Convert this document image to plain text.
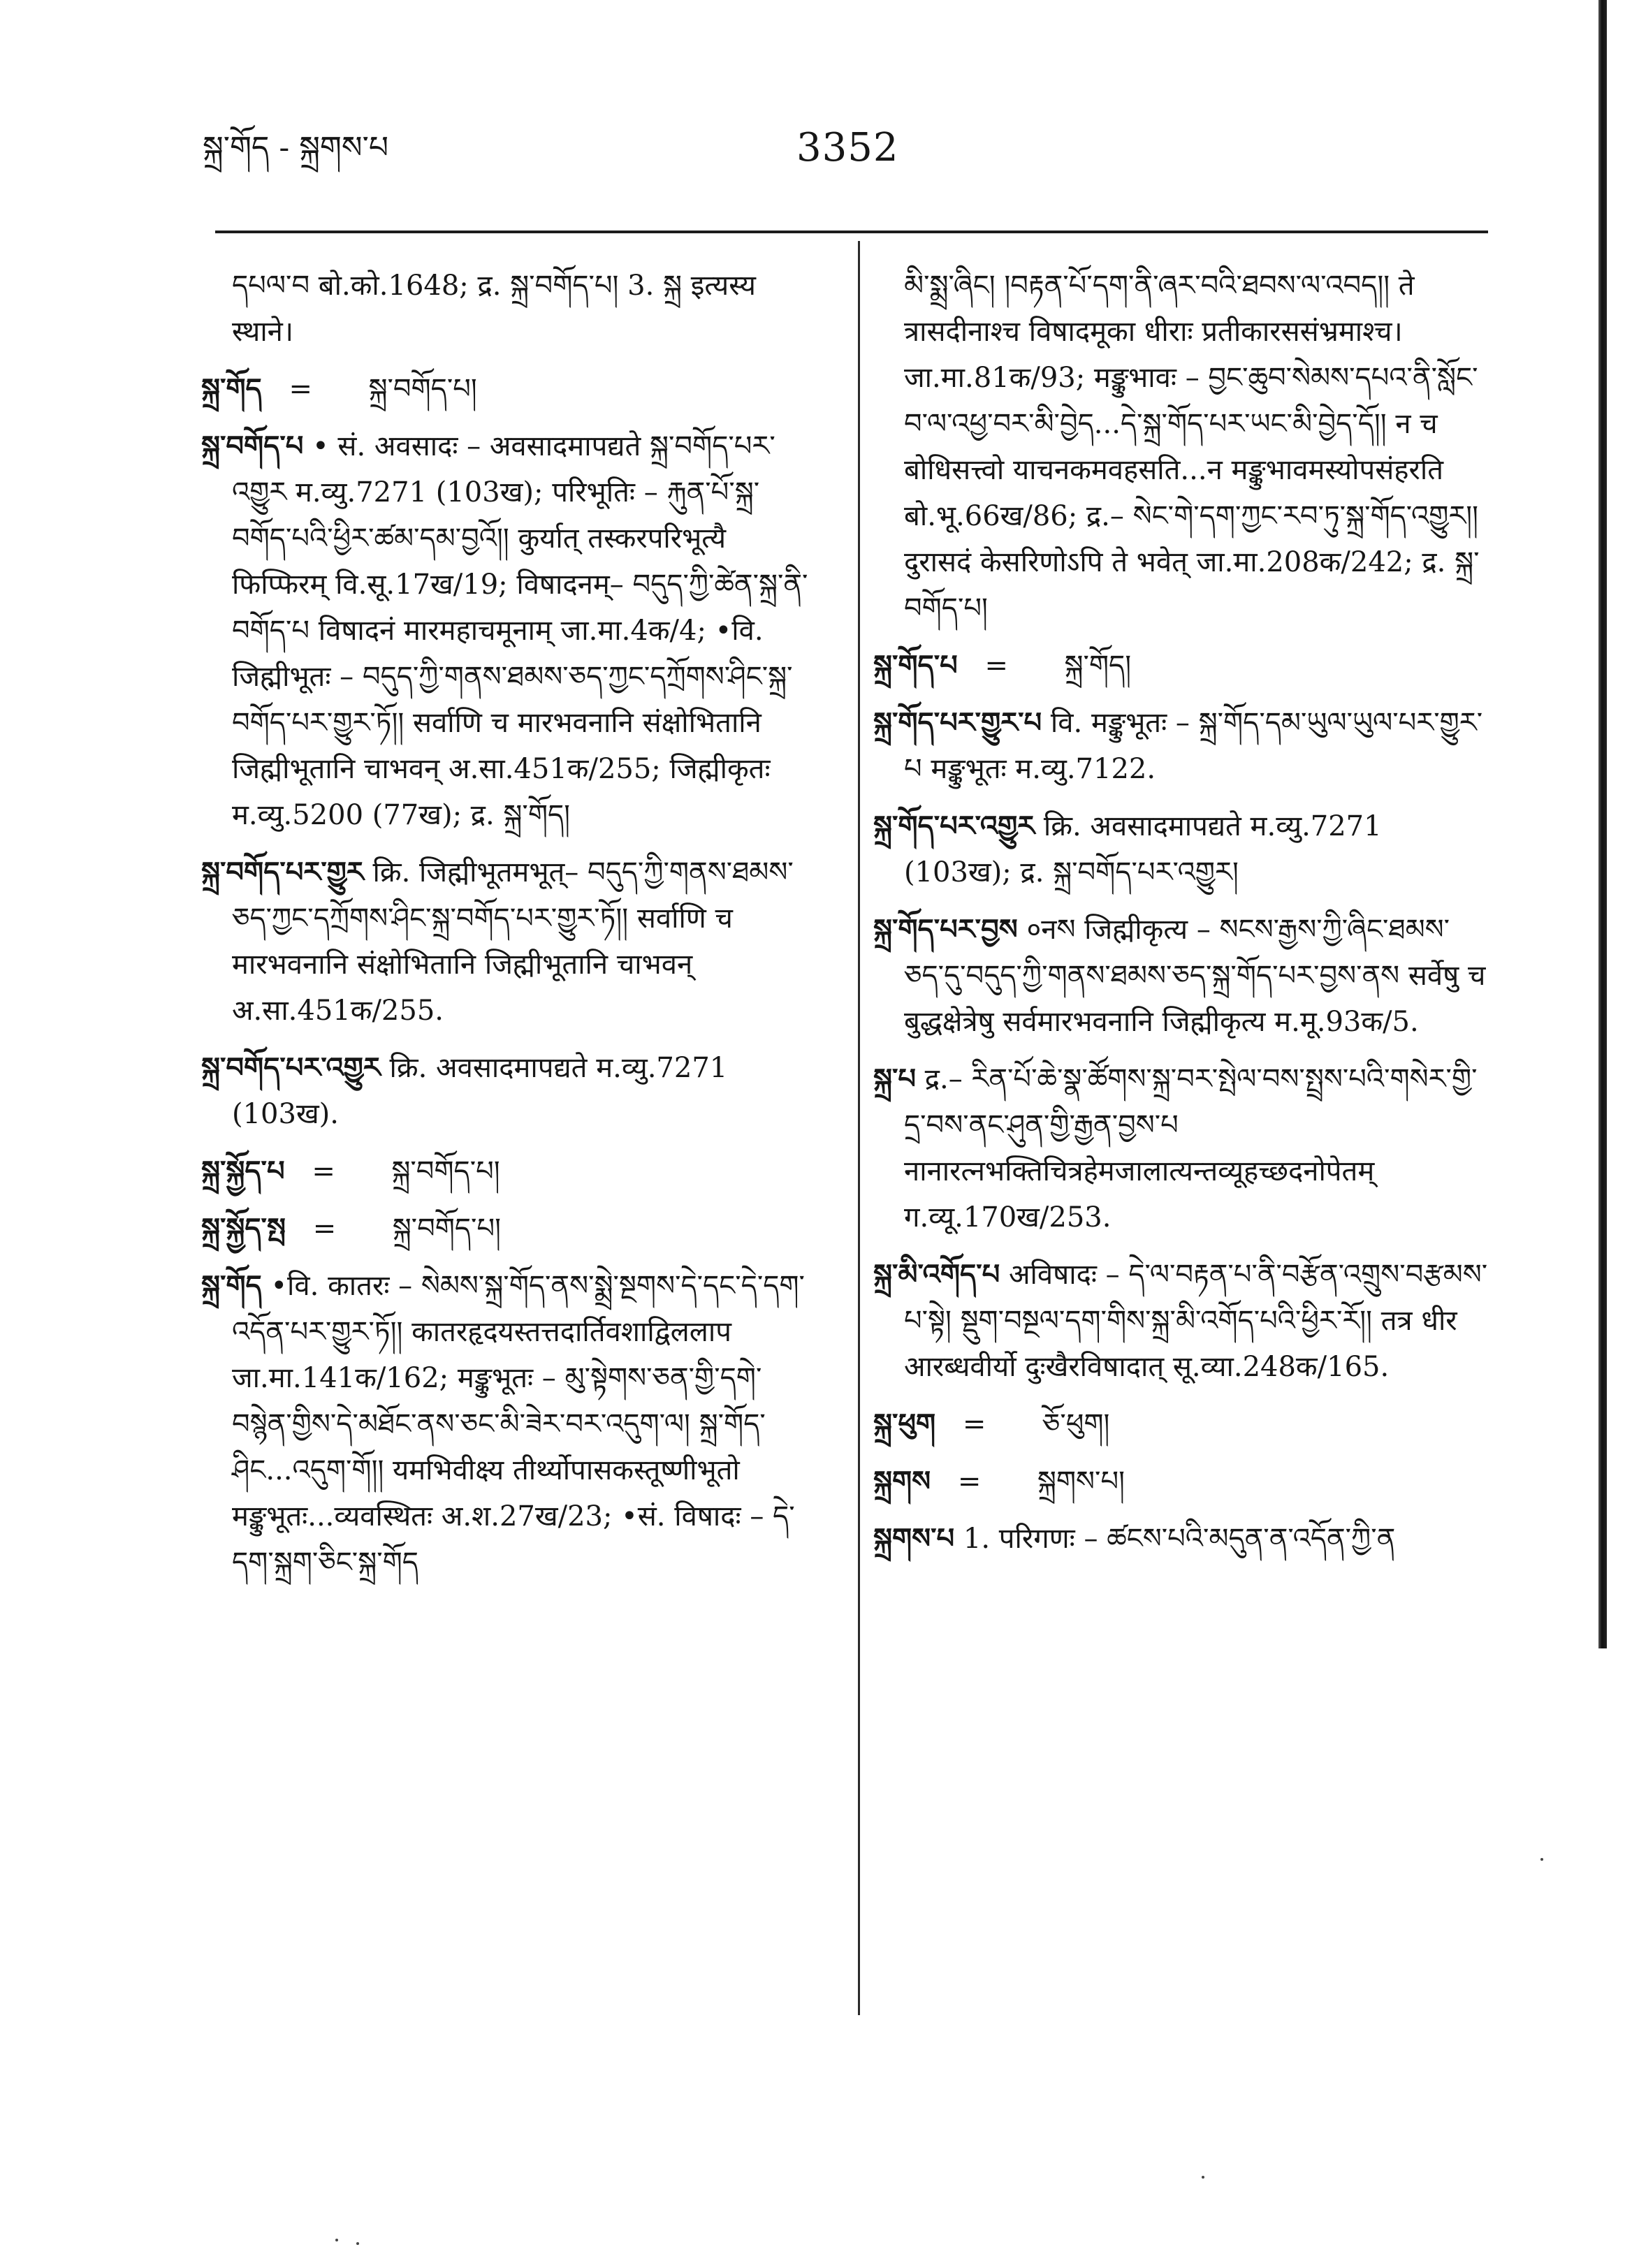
སྐྲ་གོད - སྐྲགས་པ	3352
དཔལ་བ बो.को.1648; द्र. སྐྲ་བགོད་པ། 3. སྐྲ इत्यस्य स्थाने।
སྐྲ་གོད = སྐྲ་བགོད་པ།
སྐྲ་བགོད་པ • सं. अवसादः – अवसादमापद्यते སྐྲ་བགོད་པར་འགྱུར म.व्यु.7271 (103ख); परिभूतिः – རྐུན་པོ་སྐྲ་བགོད་པའི་ཕྱིར་ཚམ་དམ་བྱའོ།། कुर्यात् तस्करपरिभूत्यै फिप्फिरम् वि.सू.17ख/19; विषादनम्– བདུད་ཀྱི་ཚེན་སྐྲ་ནི་བགོད་པ विषादनं मारमहाचमूनाम् जा.मा.4क/4; •वि. जिह्मीभूतः – བདུད་ཀྱི་གནས་ཐམས་ཅད་ཀྱང་དཀྲོགས་ཤིང་སྐྲ་བགོད་པར་གྱུར་ཏོ།། सर्वाणि च मारभवनानि संक्षोभितानि जिह्मीभूतानि चाभवन् अ.सा.451क/255; जिह्मीकृतः म.व्यु.5200 (77ख); द्र. སྐྲ་གོད།
སྐྲ་བགོད་པར་གྱུར क्रि. जिह्मीभूतमभूत्– བདུད་ཀྱི་གནས་ཐམས་ཅད་ཀྱང་དཀྲོགས་ཤིང་སྐྲ་བགོད་པར་གྱུར་ཏོ།། सर्वाणि च मारभवनानि संक्षोभितानि जिह्मीभूतानि चाभवन् अ.सा.451क/255.
སྐྲ་བགོད་པར་འགྱུར क्रि. अवसादमापद्यते म.व्यु.7271 (103ख).
སྐྲ་སྐྱོད་པ = སྐྲ་བགོད་པ།
སྐྲ་སྐྱོད་སྤ = སྐྲ་བགོད་པ།
སྐྲ་གོད •वि. कातरः – སེམས་སྐྲ་གོད་ནས་སྨྲེ་སྔགས་དེ་དང་དེ་དག་འདོན་པར་གྱུར་ཏོ།། कातरहृदयस्तत्तदार्तिवशाद्विललाप जा.मा.141क/162; मङ्कुभूतः – མུ་སྟེགས་ཅན་གྱི་དགེ་བསྙེན་གྱིས་དེ་མཐོང་ནས་ཅང་མི་ཟེར་བར་འདུག་ལ། སྐྲ་གོད་ཤིང...འདུག་གོ།། यमभिवीक्ष्य तीर्थ्योपासकस्तूष्णीभूतो मङ्कुभूतः...व्यवस्थितः अ.श.27ख/23; •सं. विषादः – དེ་དག་སྐྲག་ཅིང་སྐྲ་གོད
མི་སྨྲ་ཞིང། །བརྟན་པོ་དག་ནི་ཞར་བའི་ཐབས་ལ་འབད།། ते त्रासदीनाश्च विषादमूका धीराः प्रतीकारससंभ्रमाश्च। जा.मा.81क/93; मङ्कुभावः – བྱང་ཆུབ་སེམས་དཔའ་ནི་སློང་བ་ལ་འཕྱ་བར་མི་བྱེད...དེ་སྐྲ་གོད་པར་ཡང་མི་བྱེད་དོ།། न च बोधिसत्त्वो याचनकमवहसति...न मङ्कुभावमस्योपसंहरति बो.भू.66ख/86; द्र.– སེང་གེ་དག་ཀྱང་རབ་ཏུ་སྐྲ་གོད་འགྱུར།། दुरासदं केसरिणोऽपि ते भवेत् जा.मा.208क/242; द्र. སྐྲ་བགོད་པ།
སྐྲ་གོད་པ = སྐྲ་གོད།
སྐྲ་གོད་པར་གྱུར་པ वि. मङ्कुभूतः – སྐྲ་གོད་དམ་ཡུལ་ཡུལ་པར་གྱུར་པ मङ्कुभूतः म.व्यु.7122.
སྐྲ་གོད་པར་འགྱུར क्रि. अवसादमापद्यते म.व्यु.7271 (103ख); द्र. སྐྲ་བགོད་པར་འགྱུར།
སྐྲ་གོད་པར་བྱས ०नས जिह्मीकृत्य – སངས་རྒྱས་ཀྱི་ཞིང་ཐམས་ཅད་དུ་བདུད་ཀྱི་གནས་ཐམས་ཅད་སྐྲ་གོད་པར་བྱས་ནས सर्वेषु च बुद्धक्षेत्रेषु सर्वमारभवनानि जिह्मीकृत्य म.मू.93क/5.
སྐྲ་པ द्र.– རིན་པོ་ཆེ་སྣ་ཚོགས་སྐྲ་བར་སྤེལ་བས་སྤྲས་པའི་གསེར་གྱི་དྲ་བས་ནང་ཤུན་གྱི་རྒྱན་བྱས་པ नानारत्नभक्तिचित्रहेमजालात्यन्तव्यूहच्छदनोपेतम् ग.व्यू.170ख/253.
སྐྲ་མི་འགོད་པ अविषादः – དེ་ལ་བརྟན་པ་ནི་བརྩོན་འགྲུས་བརྩམས་པ་སྟེ། སྡུག་བསྔལ་དག་གིས་སྐྲ་མི་འགོད་པའི་ཕྱིར་རོ།། तत्र धीर आरब्धवीर्यो दुःखैरविषादात् सू.व्या.248क/165.
སྐྲ་ཕུག = ཅོ་ཕུག།
སྐྲགས = སྐྲགས་པ།
སྐྲགས་པ 1. परिगणः – ཚངས་པའི་མདུན་ན་འདོན་ཀྱི་ན
